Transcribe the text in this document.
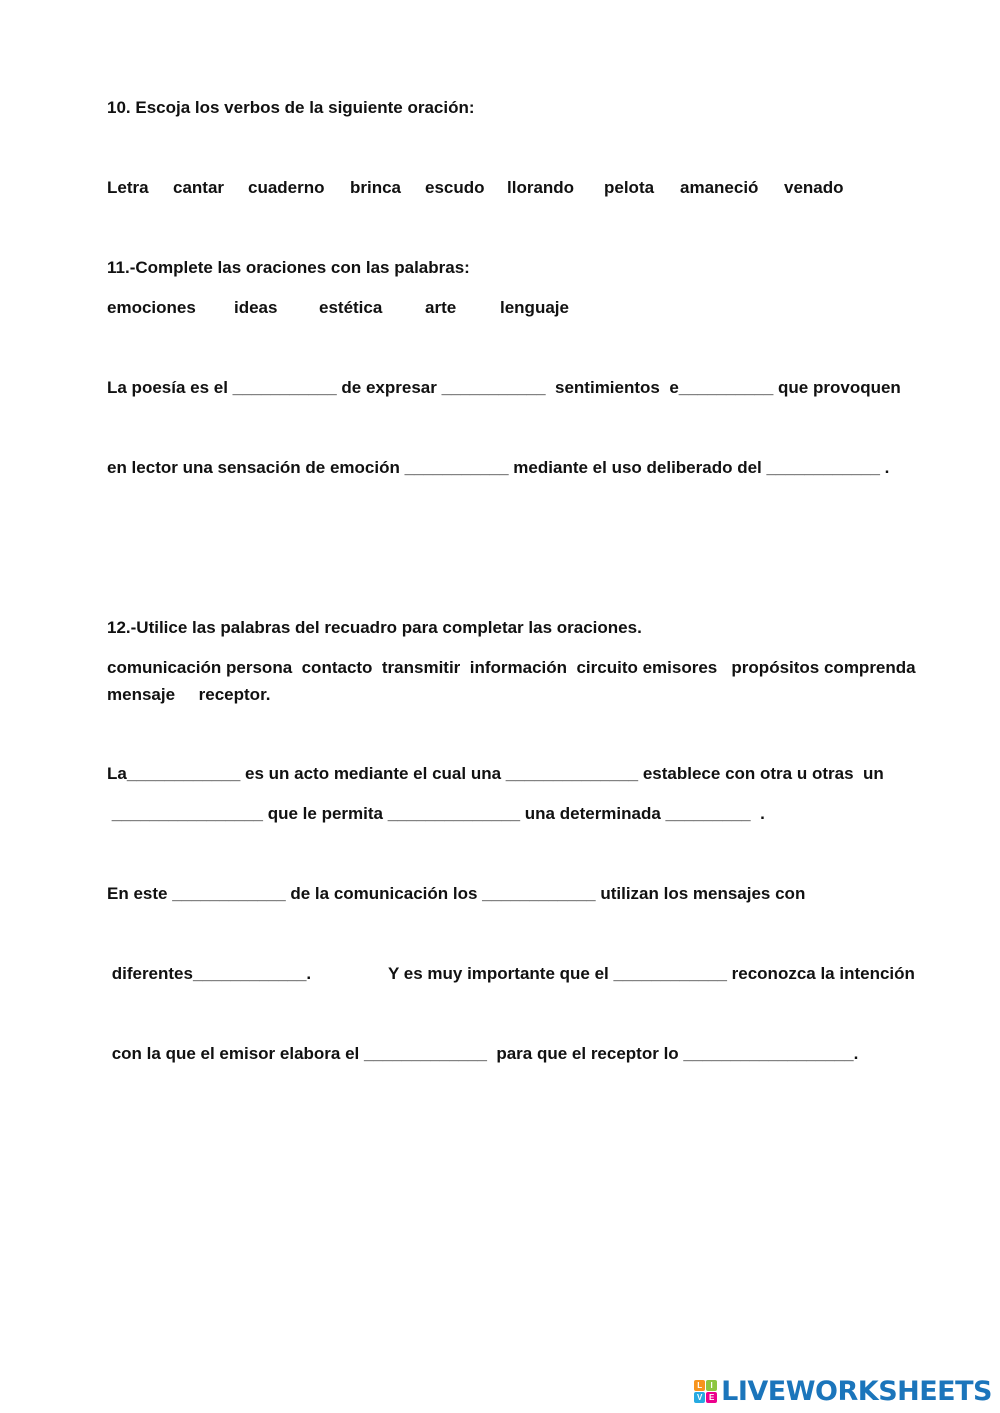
10. Escoja los verbos de la siguiente oración:
Letra cantar cuaderno brinca escudo llorando pelota amaneció venado
11.-Complete las oraciones con las palabras:
emociones ideas estética	arte	lenguaje
La poesía es el ___________ de expresar ___________  sentimientos  e__________ que provoquen
en lector una sensación de emoción ___________ mediante el uso deliberado del ____________ .
12.-Utilice las palabras del recuadro para completar las oraciones.
comunicación persona  contacto  transmitir  información  circuito emisores   propósitos comprenda
mensaje     receptor.
La____________ es un acto mediante el cual una ______________ establece con otra u otras  un
________________ que le permita ______________ una determinada _________  .
En este ____________ de la comunicación los ____________ utilizan los mensajes con
diferentes____________.	Y es muy importante que el ____________ reconozca la intención
con la que el emisor elabora el _____________  para que el receptor lo __________________.
L	I
V E LIVEWORKSHEETS
